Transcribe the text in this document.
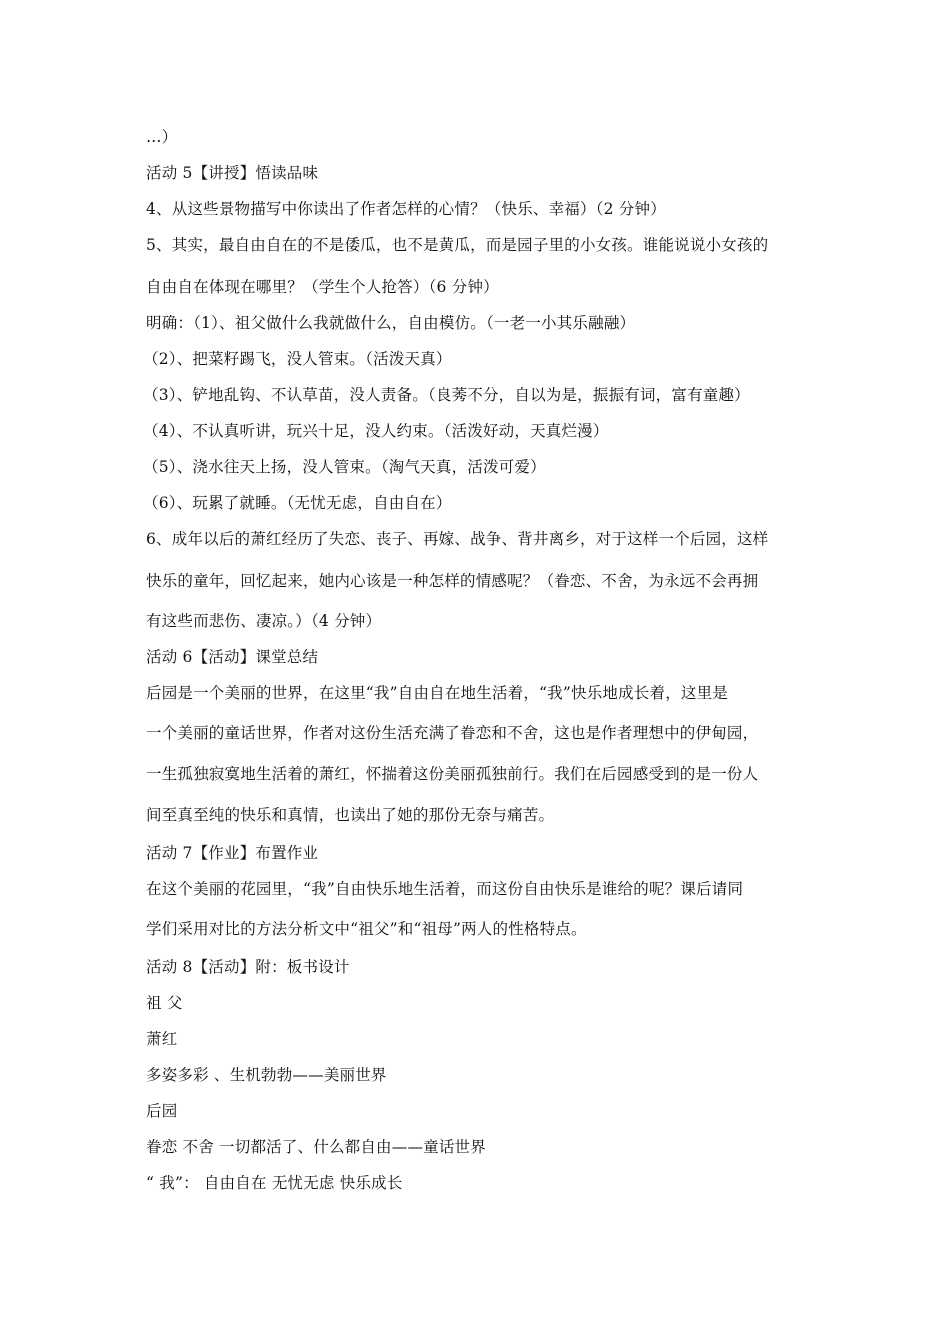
…）
活动 5【讲授】悟读品味
4、从这些景物描写中你读出了作者怎样的心情？（快乐、幸福）（2 分钟）
5、其实，最自由自在的不是倭瓜，也不是黄瓜，而是园子里的小女孩。谁能说说小女孩的
自由自在体现在哪里？（学生个人抢答）（6 分钟）
明确：（1）、祖父做什么我就做什么，自由模仿。（一老一小其乐融融）
（2）、把菜籽踢飞，没人管束。（活泼天真）
（3）、铲地乱钩、不认草苗，没人责备。（良莠不分，自以为是，振振有词，富有童趣）
（4）、不认真听讲，玩兴十足，没人约束。（活泼好动，天真烂漫）
（5）、浇水往天上扬，没人管束。（淘气天真，活泼可爱）
（6）、玩累了就睡。（无忧无虑，自由自在）
6、成年以后的萧红经历了失恋、丧子、再嫁、战争、背井离乡，对于这样一个后园，这样
快乐的童年，回忆起来，她内心该是一种怎样的情感呢？（眷恋、不舍，为永远不会再拥
有这些而悲伤、凄凉。）（4 分钟）
活动 6【活动】课堂总结
后园是一个美丽的世界，在这里“我”自由自在地生活着，“我”快乐地成长着，这里是
一个美丽的童话世界，作者对这份生活充满了眷恋和不舍，这也是作者理想中的伊甸园，
一生孤独寂寞地生活着的萧红，怀揣着这份美丽孤独前行。我们在后园感受到的是一份人
间至真至纯的快乐和真情，也读出了她的那份无奈与痛苦。
活动 7【作业】布置作业
在这个美丽的花园里，“我”自由快乐地生活着，而这份自由快乐是谁给的呢？课后请同
学们采用对比的方法分析文中“祖父”和“祖母”两人的性格特点。
活动 8【活动】附：板书设计
祖 父
萧红
多姿多彩 、生机勃勃——美丽世界
后园
眷恋 不舍 一切都活了、什么都自由——童话世界
“ 我”： 自由自在 无忧无虑 快乐成长
